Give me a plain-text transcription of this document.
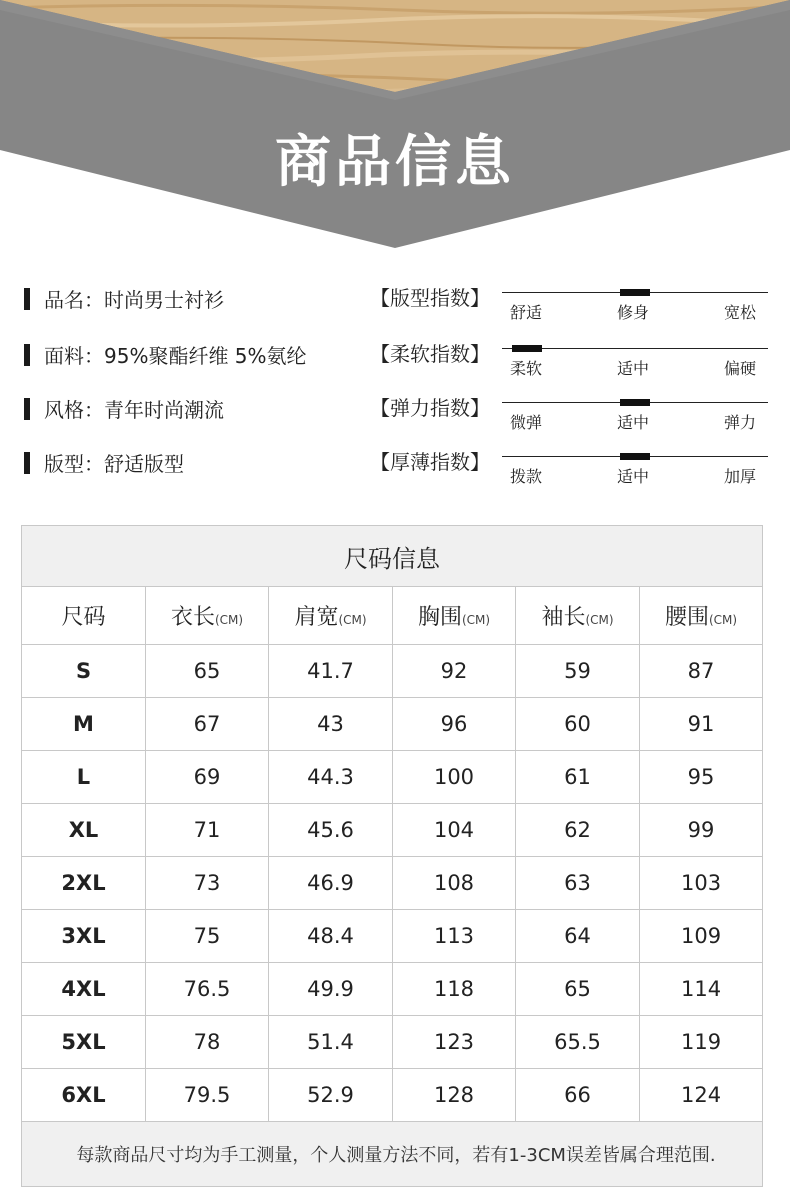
商品信息
品名：时尚男士衬衫	【版型指数】
舒适	修身	宽松
面料：95%聚酯纤维 5%氨纶	【柔软指数】
柔软	适中	偏硬
风格：青年时尚潮流	【弹力指数】
微弹	适中	弹力
版型：舒适版型	【厚薄指数】
拨款	适中	加厚
尺码信息					
尺码	衣长(CM)	肩宽(CM)	胸围(CM)	袖长(CM)	腰围(CM)
S	65	41.7	92	59	87
M	67	43	96	60	91
L	69	44.3	100	61	95
XL	71	45.6	104	62	99
2XL	73	46.9	108	63	103
3XL	75	48.4	113	64	109
4XL	76.5	49.9	118	65	114
5XL	78	51.4	123	65.5	119
6XL	79.5	52.9	128	66	124
每款商品尺寸均为手工测量，个人测量方法不同，若有1-3CM误差皆属合理范围.					
